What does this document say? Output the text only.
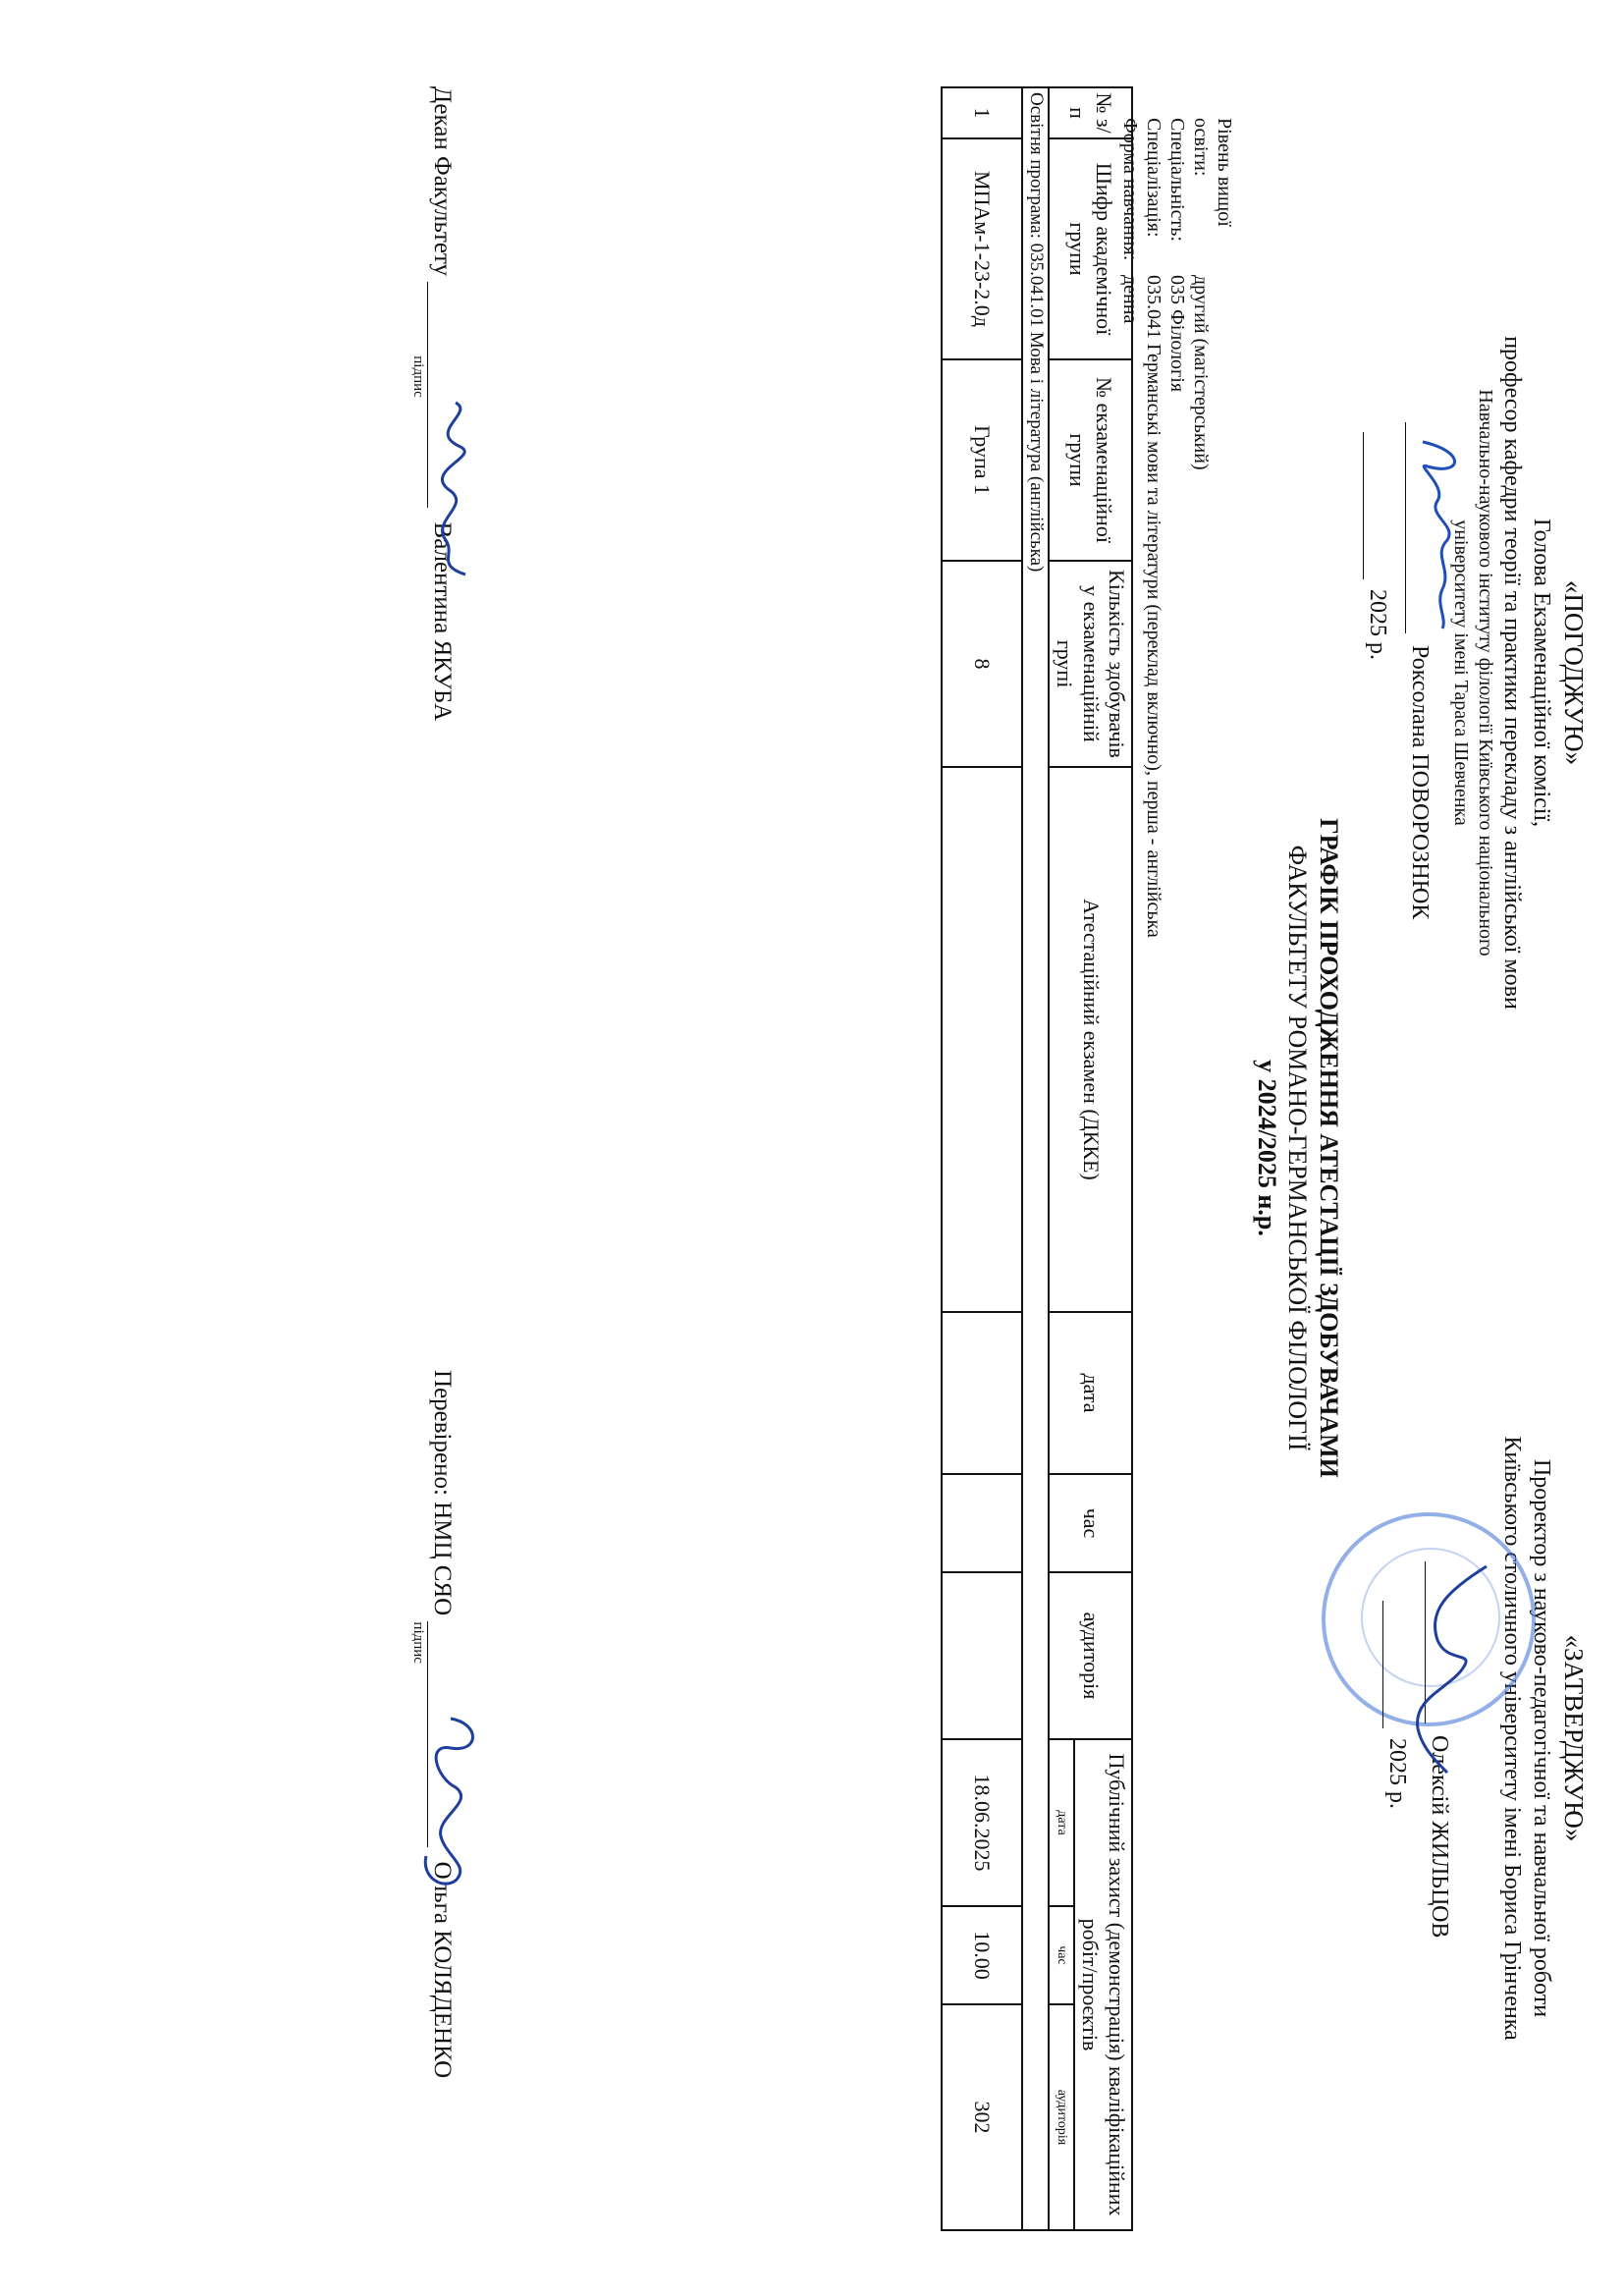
«ПОГОДЖУЮ»
Голова Екзаменаційної комісії,
професор кафедри теорії та практики перекладу з англійської мови
Навчально-наукового інституту філології Київського національного
університету імені Тараса Шевченка
Роксолана ПОВОРОЗНЮК
2025 р.
«ЗАТВЕРДЖУЮ»
Проректор з науково-педагогічної та навчальної роботи
Київського столичного університету імені Бориса Грінченка
Олексій ЖИЛЬЦОВ
2025 р.
ГРАФІК ПРОХОДЖЕННЯ АТЕСТАЦІЇ ЗДОБУВАЧАМИ
ФАКУЛЬТЕТУ РОМАНО-ГЕРМАНСЬКОЇ ФІЛОЛОГІЇ
у 2024/2025 н.р.
Рівень вищої освіти:другий (магістерський)
Спеціальність:035 Філологія
Спеціалізація:035.041 Германські мови та літератури (переклад включно), перша - англійська
Форма навчання:денна
№ з/п	Шифр академічної групи	№ екзаменаційної групи	Кількість здобувачів у екзаменаційній групі	Атестаційний екзамен (ДККЕ)	дата	час	аудиторія	Публічний захист (демонстрація) кваліфікаційних робіт/проєктів		
								дата	час	аудиторія
Освітня програма: 035.041.01 Мова і література (англійська)										
1	МПАм-1-23-2.0д	Група 1	8					18.06.2025	10.00	302
Декан Факультету
підпис
Валентина ЯКУБА
Перевірено: НМЦ СЯО
підпис
Ольга КОЛЯДЕНКО
